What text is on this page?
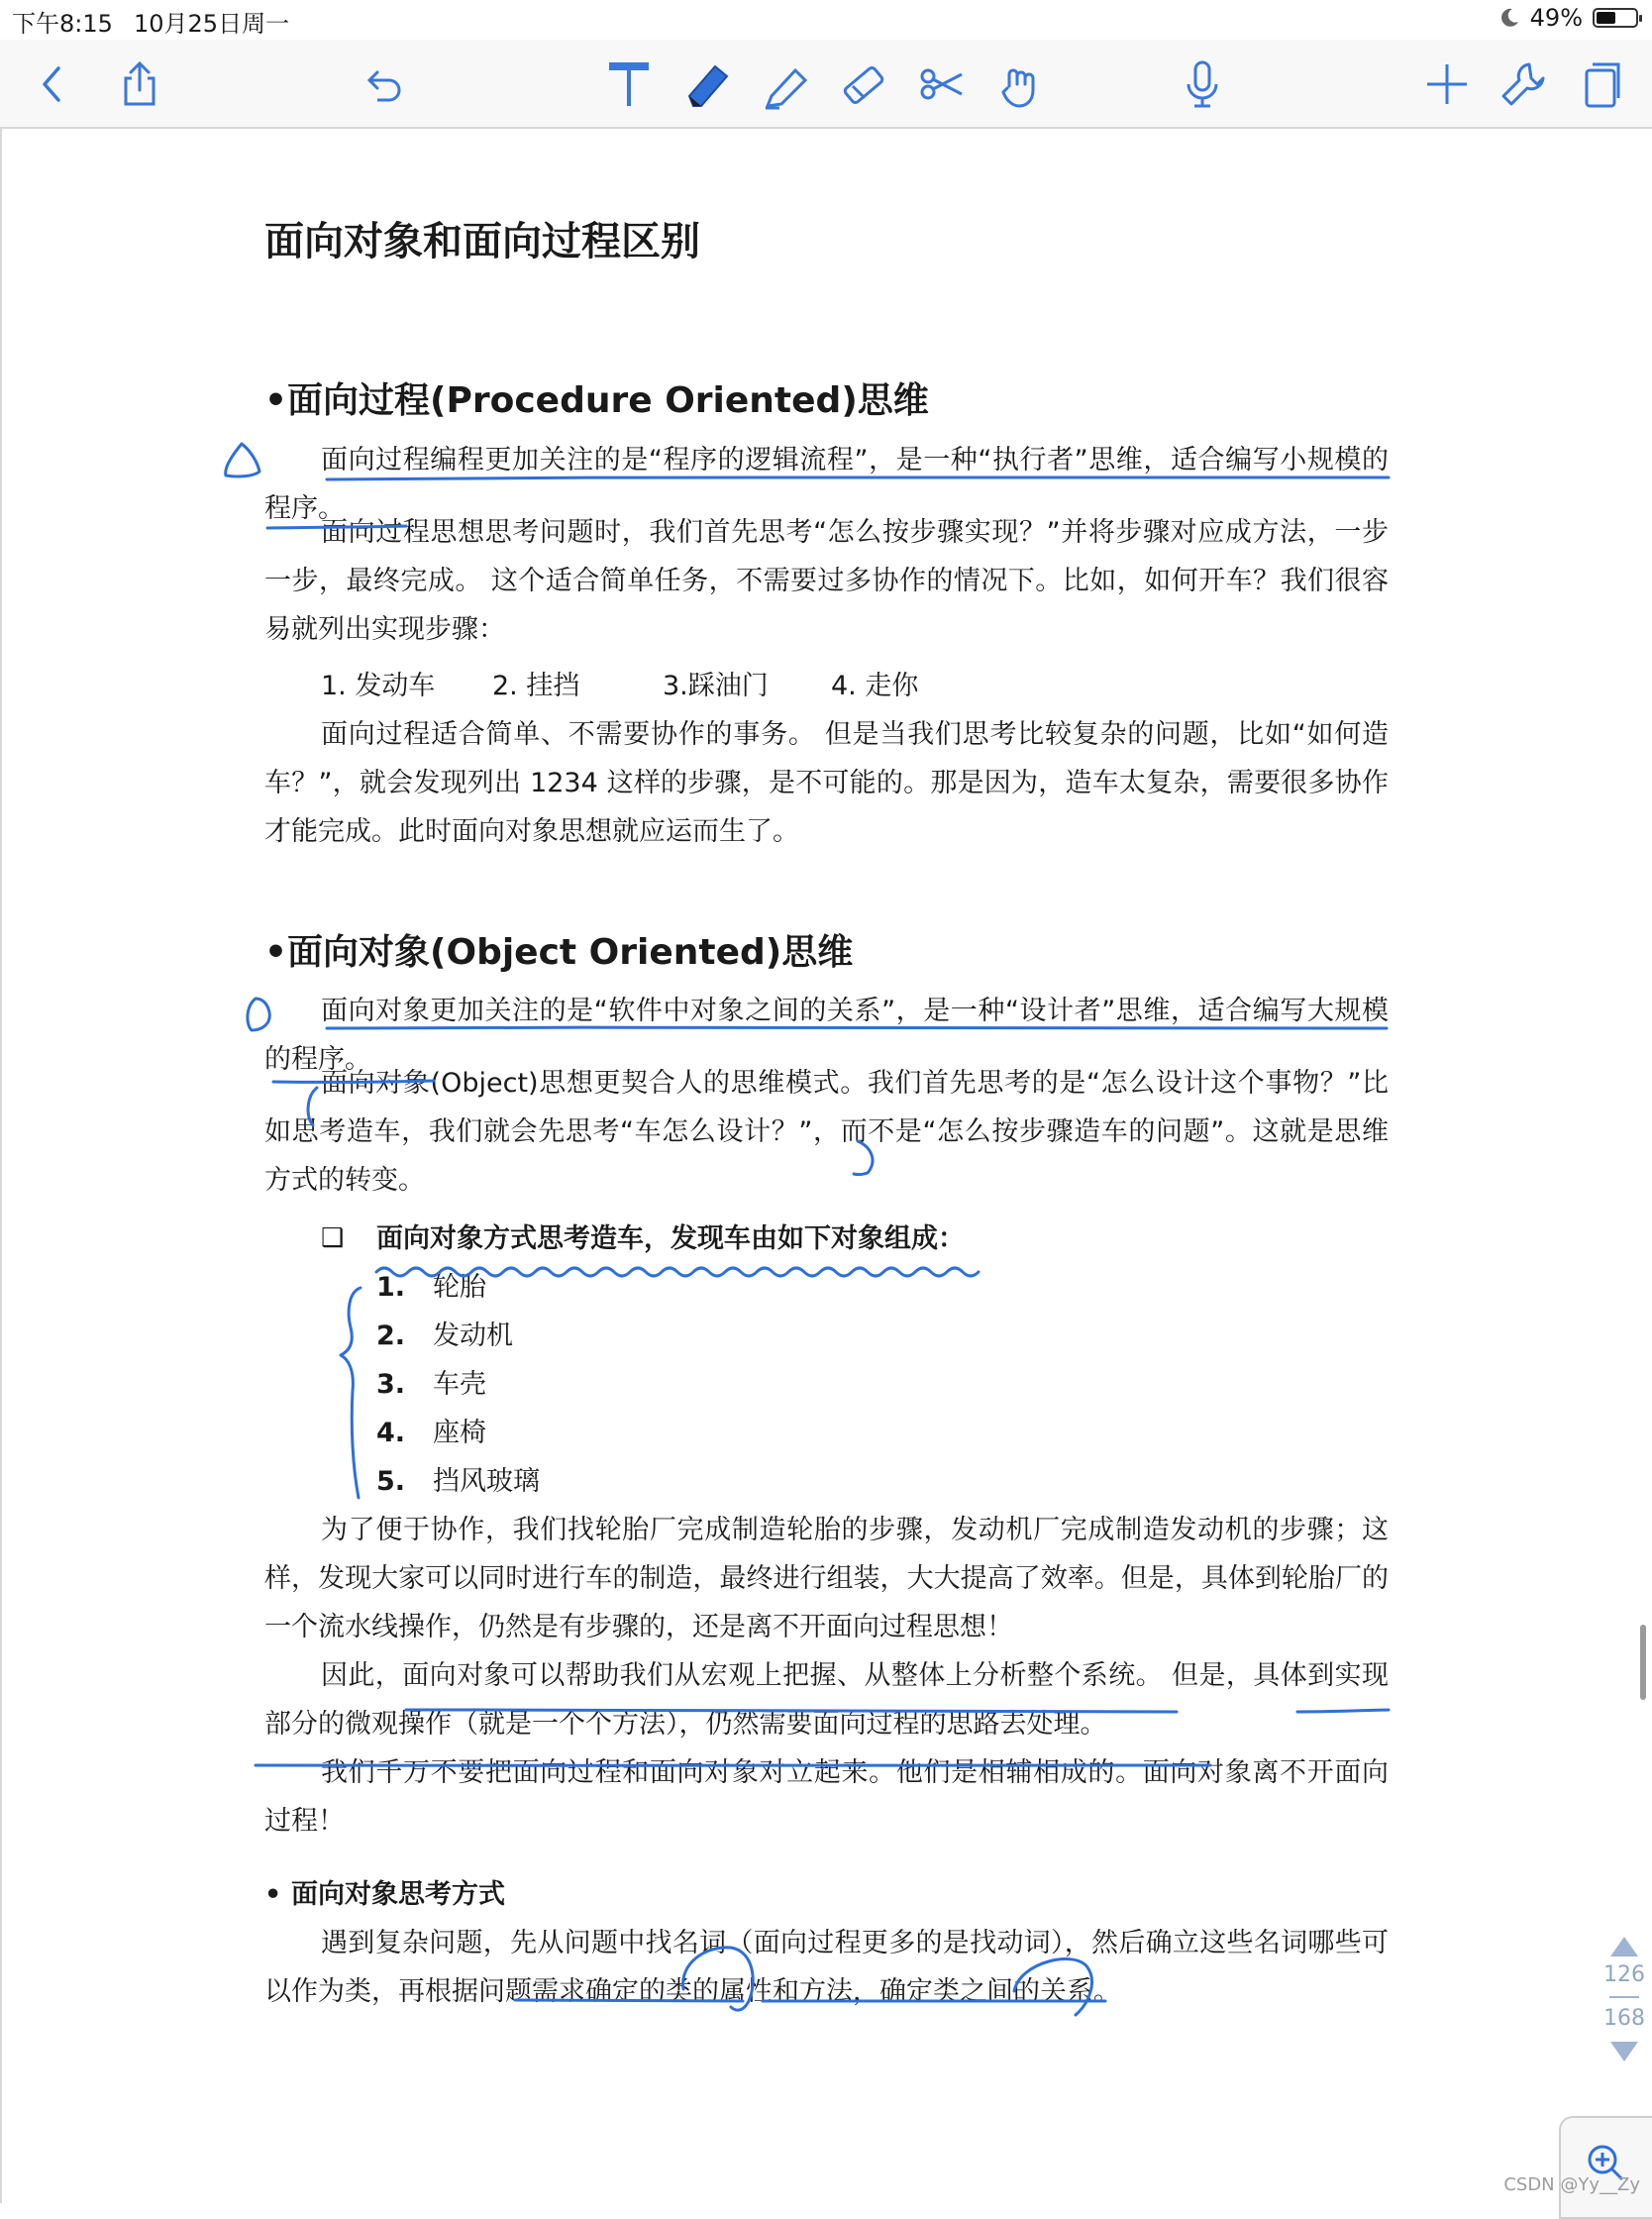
下午8:15 10月25日周一	49%
面向对象和面向过程区别
•面向过程(Procedure Oriented)思维

面向过程编程更加关注的是“程序的逻辑流程”，是一种“执行者”思维，适合编写小规模的程序。

面向过程思想思考问题时，我们首先思考“怎么按步骤实现？”并将步骤对应成方法，一步一步，最终完成。 这个适合简单任务，不需要过多协作的情况下。比如，如何开车？我们很容易就列出实现步骤：

1. 发动车 2. 挂挡	3.踩油门 4. 走你

面向过程适合简单、不需要协作的事务。 但是当我们思考比较复杂的问题，比如“如何造车？”，就会发现列出 1234 这样的步骤，是不可能的。那是因为，造车太复杂，需要很多协作才能完成。此时面向对象思想就应运而生了。

•面向对象(Object Oriented)思维

面向对象更加关注的是“软件中对象之间的关系”，是一种“设计者”思维，适合编写大规模的程序。

面向对象(Object)思想更契合人的思维模式。我们首先思考的是“怎么设计这个事物？”比如思考造车，我们就会先思考“车怎么设计？”，而不是“怎么按步骤造车的问题”。这就是思维方式的转变。

❑ 面向对象方式思考造车，发现车由如下对象组成：
1. 轮胎
2. 发动机
3. 车壳
4. 座椅
5. 挡风玻璃

为了便于协作，我们找轮胎厂完成制造轮胎的步骤，发动机厂完成制造发动机的步骤；这样，发现大家可以同时进行车的制造，最终进行组装，大大提高了效率。但是，具体到轮胎厂的一个流水线操作，仍然是有步骤的，还是离不开面向过程思想！

因此，面向对象可以帮助我们从宏观上把握、从整体上分析整个系统。 但是，具体到实现部分的微观操作（就是一个个方法），仍然需要面向过程的思路去处理。

我们千万不要把面向过程和面向对象对立起来。他们是相辅相成的。面向对象离不开面向过程！

• 面向对象思考方式

遇到复杂问题，先从问题中找名词（面向过程更多的是找动词），然后确立这些名词哪些可以作为类，再根据问题需求确定的类的属性和方法，确定类之间的关系。

126
168
CSDN @Yy__Zy
